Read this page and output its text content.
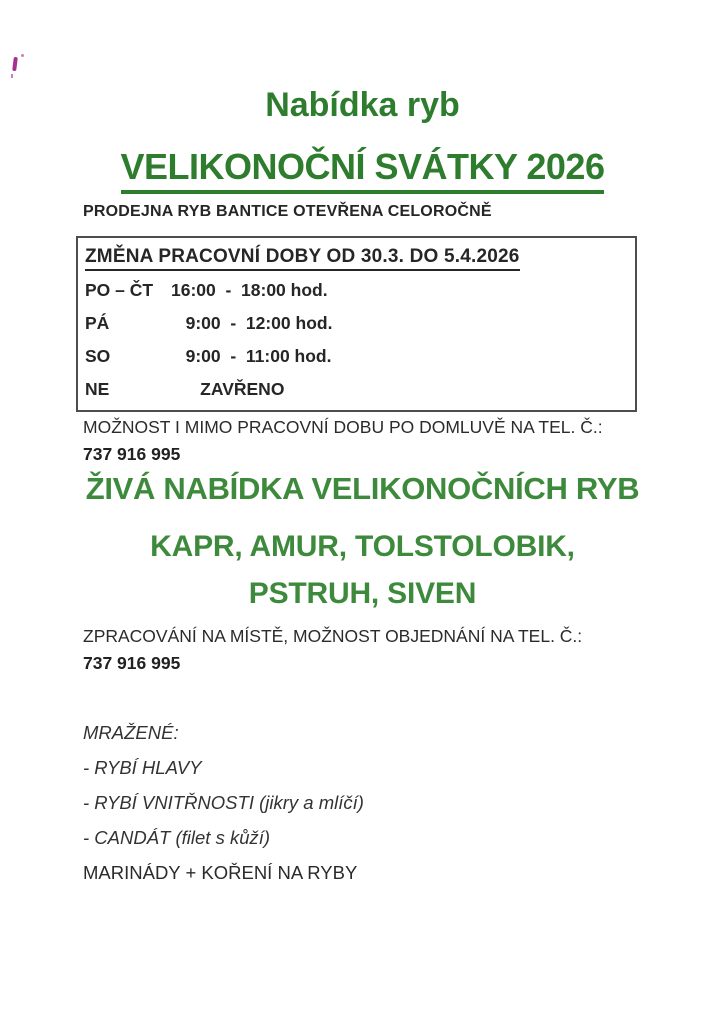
Nabídka ryb
VELIKONOČNÍ SVÁTKY 2026
PRODEJNA RYB BANTICE OTEVŘENA CELOROČNĚ
ZMĚNA PRACOVNÍ DOBY OD 30.3. DO 5.4.2026
PO – ČT 16:00  -  18:00 hod.
PÁ	9:00  -  12:00 hod.
SO	9:00  -  11:00 hod.
NE	ZAVŘENO
MOŽNOST I MIMO PRACOVNÍ DOBU PO DOMLUVĚ NA TEL. Č.:
737 916 995
ŽIVÁ NABÍDKA VELIKONOČNÍCH RYB
KAPR, AMUR, TOLSTOLOBIK,
PSTRUH, SIVEN
ZPRACOVÁNÍ NA MÍSTĚ, MOŽNOST OBJEDNÁNÍ NA TEL. Č.:
737 916 995
MRAŽENÉ:
- RYBÍ HLAVY
- RYBÍ VNITŘNOSTI (jikry a mlíčí)
- CANDÁT (filet s kůží)
MARINÁDY + KOŘENÍ NA RYBY
